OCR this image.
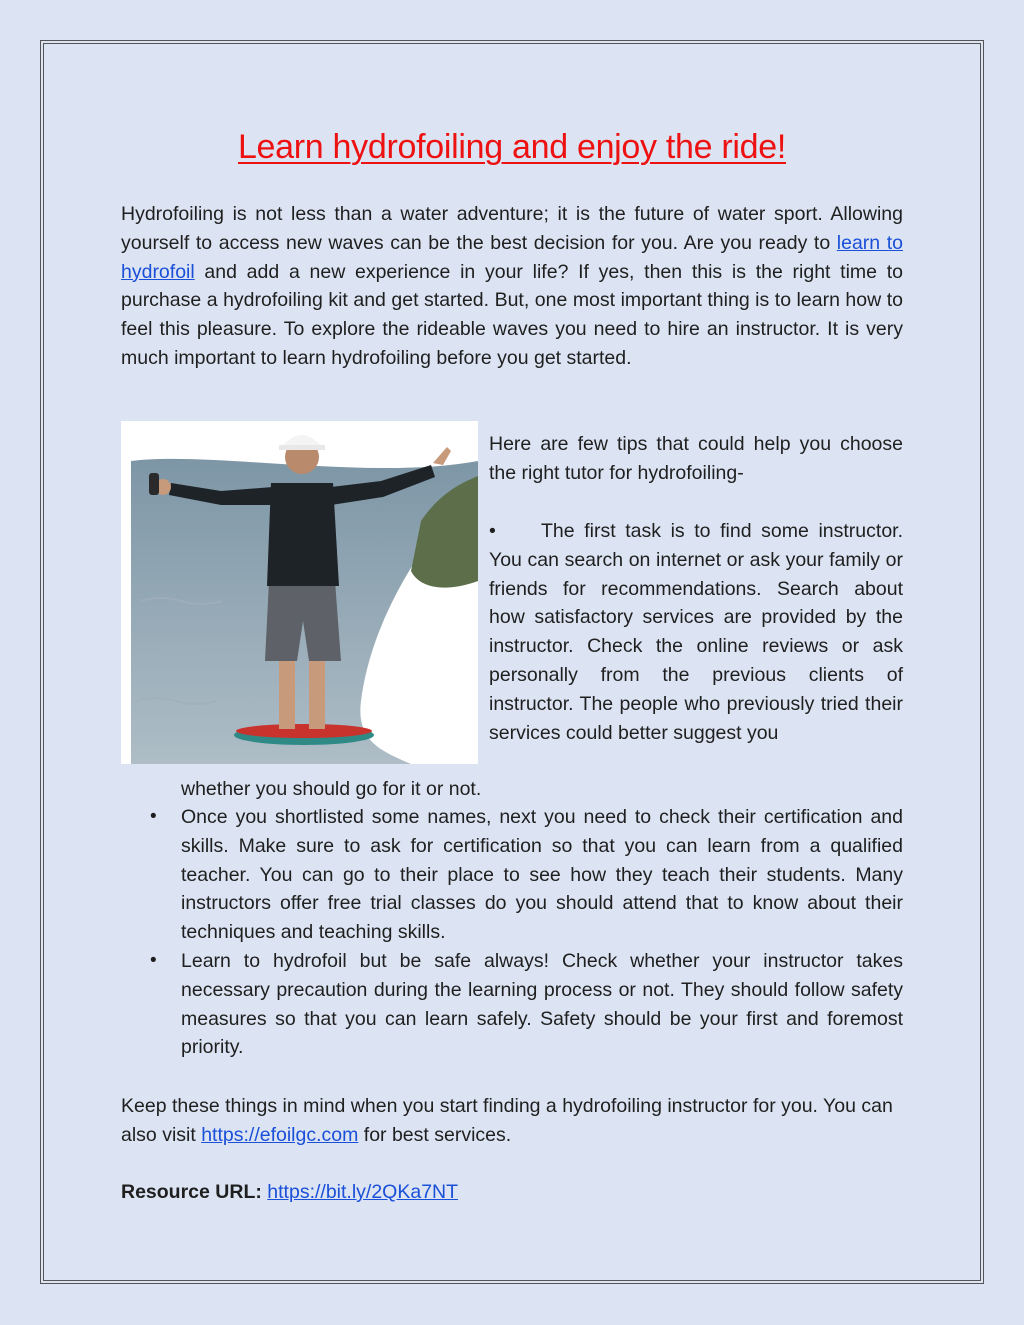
Learn hydrofoiling and enjoy the ride!
Hydrofoiling is not less than a water adventure; it is the future of water sport. Allowing yourself to access new waves can be the best decision for you. Are you ready to learn to hydrofoil and add a new experience in your life? If yes, then this is the right time to purchase a hydrofoiling kit and get started. But, one most important thing is to learn how to feel this pleasure. To explore the rideable waves you need to hire an instructor. It is very much important to learn hydrofoiling before you get started.
Here are few tips that could help you choose the right tutor for hydrofoiling-
• The first task is to find some instructor. You can search on internet or ask your family or friends for recommendations. Search about how satisfactory services are provided by the instructor. Check the online reviews or ask personally from the previous clients of instructor. The people who previously tried their services could better suggest you
whether you should go for it or not.
• Once you shortlisted some names, next you need to check their certification and skills. Make sure to ask for certification so that you can learn from a qualified teacher. You can go to their place to see how they teach their students. Many instructors offer free trial classes do you should attend that to know about their techniques and teaching skills.
• Learn to hydrofoil but be safe always! Check whether your instructor takes necessary precaution during the learning process or not. They should follow safety measures so that you can learn safely. Safety should be your first and foremost priority.
Keep these things in mind when you start finding a hydrofoiling instructor for you. You can also visit https://efoilgc.com for best services.
Resource URL: https://bit.ly/2QKa7NT
